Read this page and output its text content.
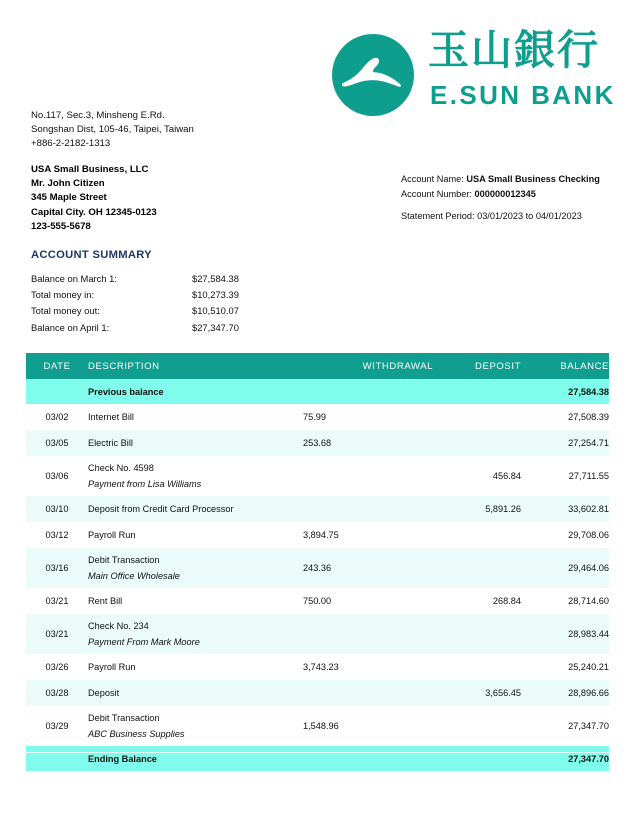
玉山銀行
E.SUN BANK
No.117, Sec.3, Minsheng E.Rd.
Songshan Dist, 105-46, Taipei, Taiwan
+886-2-2182-1313
USA Small Business, LLC
Mr. John Citizen
345 Maple Street
Capital City. OH 12345-0123
123-555-5678
Account Name: USA Small Business Checking
Account Number: 000000012345
Statement Period: 03/01/2023 to 04/01/2023
ACCOUNT SUMMARY
Balance on March 1:	$27,584.38
Total money in:	$10,273.39
Total money out:	$10,510.07
Balance on April 1:	$27,347.70
DATE	DESCRIPTION	WITHDRAWAL	DEPOSIT	BALANCE
	Previous balance			27,584.38
03/02	Internet Bill	75.99		27,508.39
03/05	Electric Bill	253.68		27,254.71
03/06	Check No. 4598
Payment from Lisa Williams		456.84	27,711.55
03/10	Deposit from Credit Card Processor		5,891.26	33,602.81
03/12	Payroll Run	3,894.75		29,708.06
03/16	Debit Transaction
Main Office Wholesale	243.36		29,464.06
03/21	Rent Bill	750.00	268.84	28,714.60
03/21	Check No. 234
Payment From Mark Moore			28,983.44
03/26	Payroll Run	3,743.23		25,240.21
03/28	Deposit		3,656.45	28,896.66
03/29	Debit Transaction
ABC Business Supplies	1,548.96		27,347.70
	Ending Balance			27,347.70
